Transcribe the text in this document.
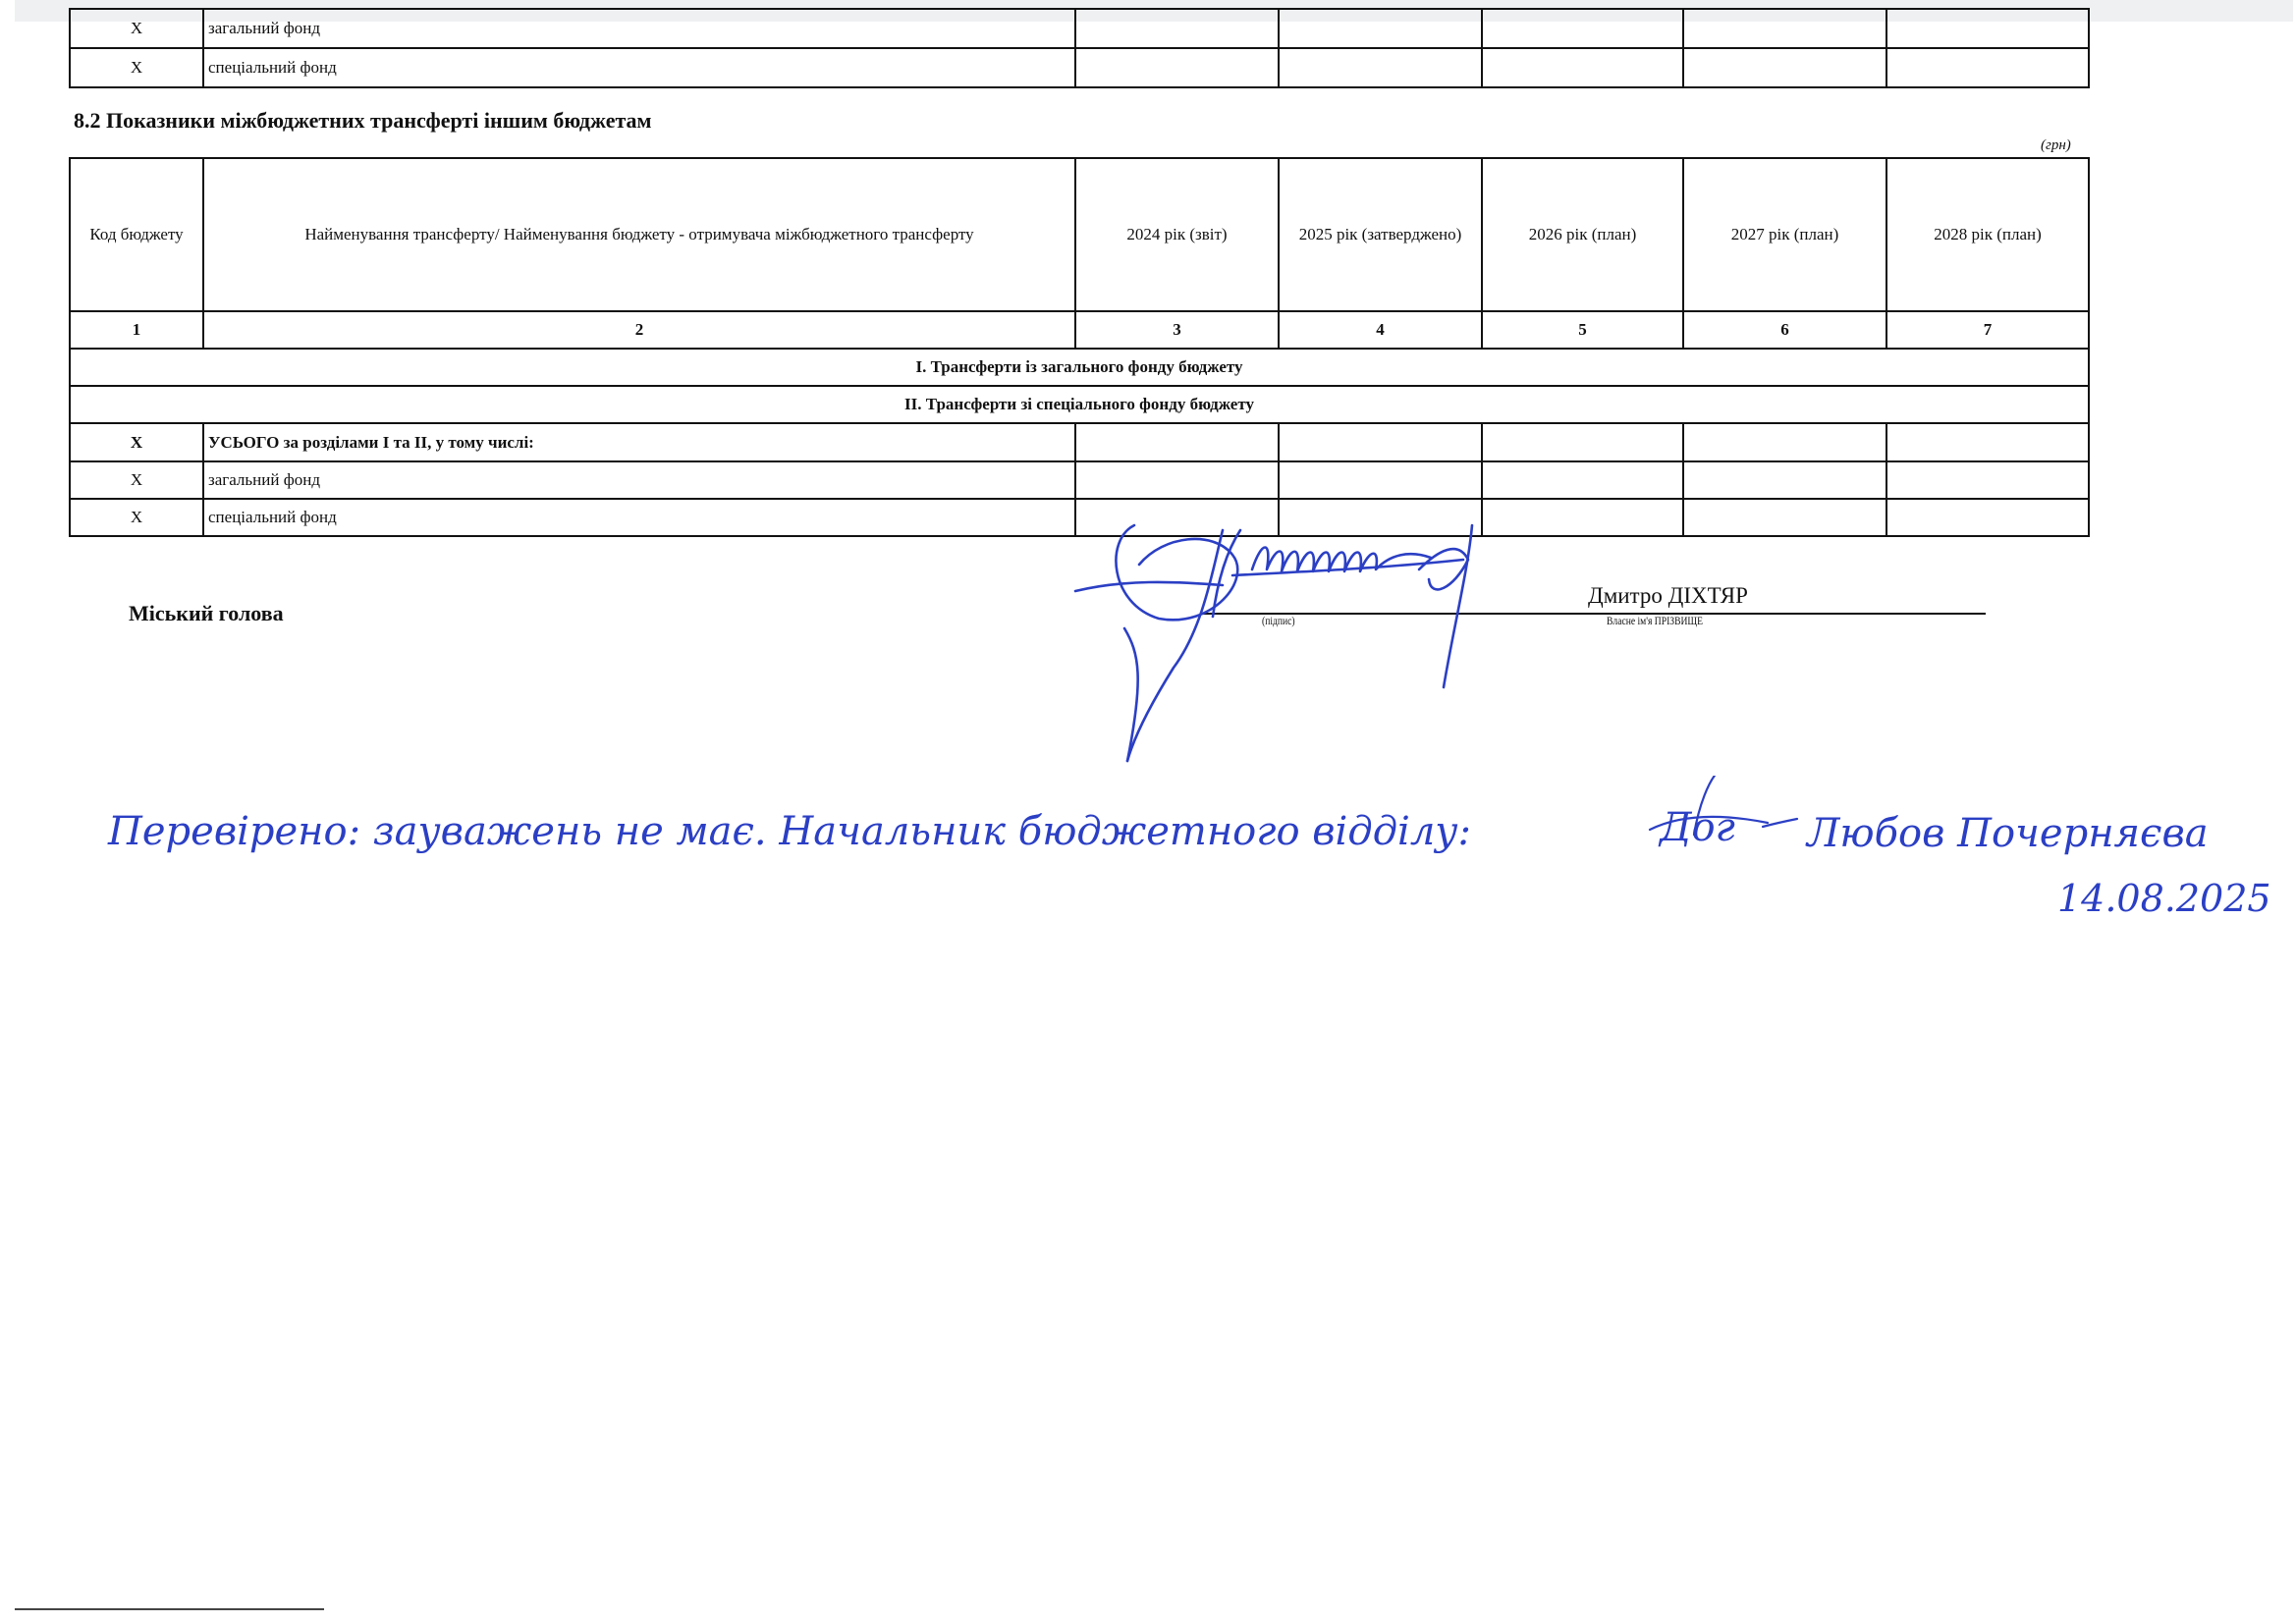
X	загальний фонд					
X	спеціальний фонд					
8.2 Показники міжбюджетних трансферті іншим бюджетам
(грн)
Код бюджету	Найменування трансферту/ Найменування бюджету - отримувача міжбюджетного трансферту	2024 рік (звіт)	2025 рік (затверджено)	2026 рік (план)	2027 рік (план)	2028 рік (план)
1	2	3	4	5	6	7
I. Трансферти із загального фонду бюджету						
II. Трансферти зі спеціального фонду бюджету						
X	УСЬОГО за розділами I та II, у тому числі:					
X	загальний фонд					
X	спеціальний фонд					
Міський голова
Дмитро ДІХТЯР
(підпис)	Власне ім'я ПРІЗВИЩЕ
Перевірено: зауважень не має. Начальник бюджетного відділу:	Дог Любов Почерняєва
14.08.2025
